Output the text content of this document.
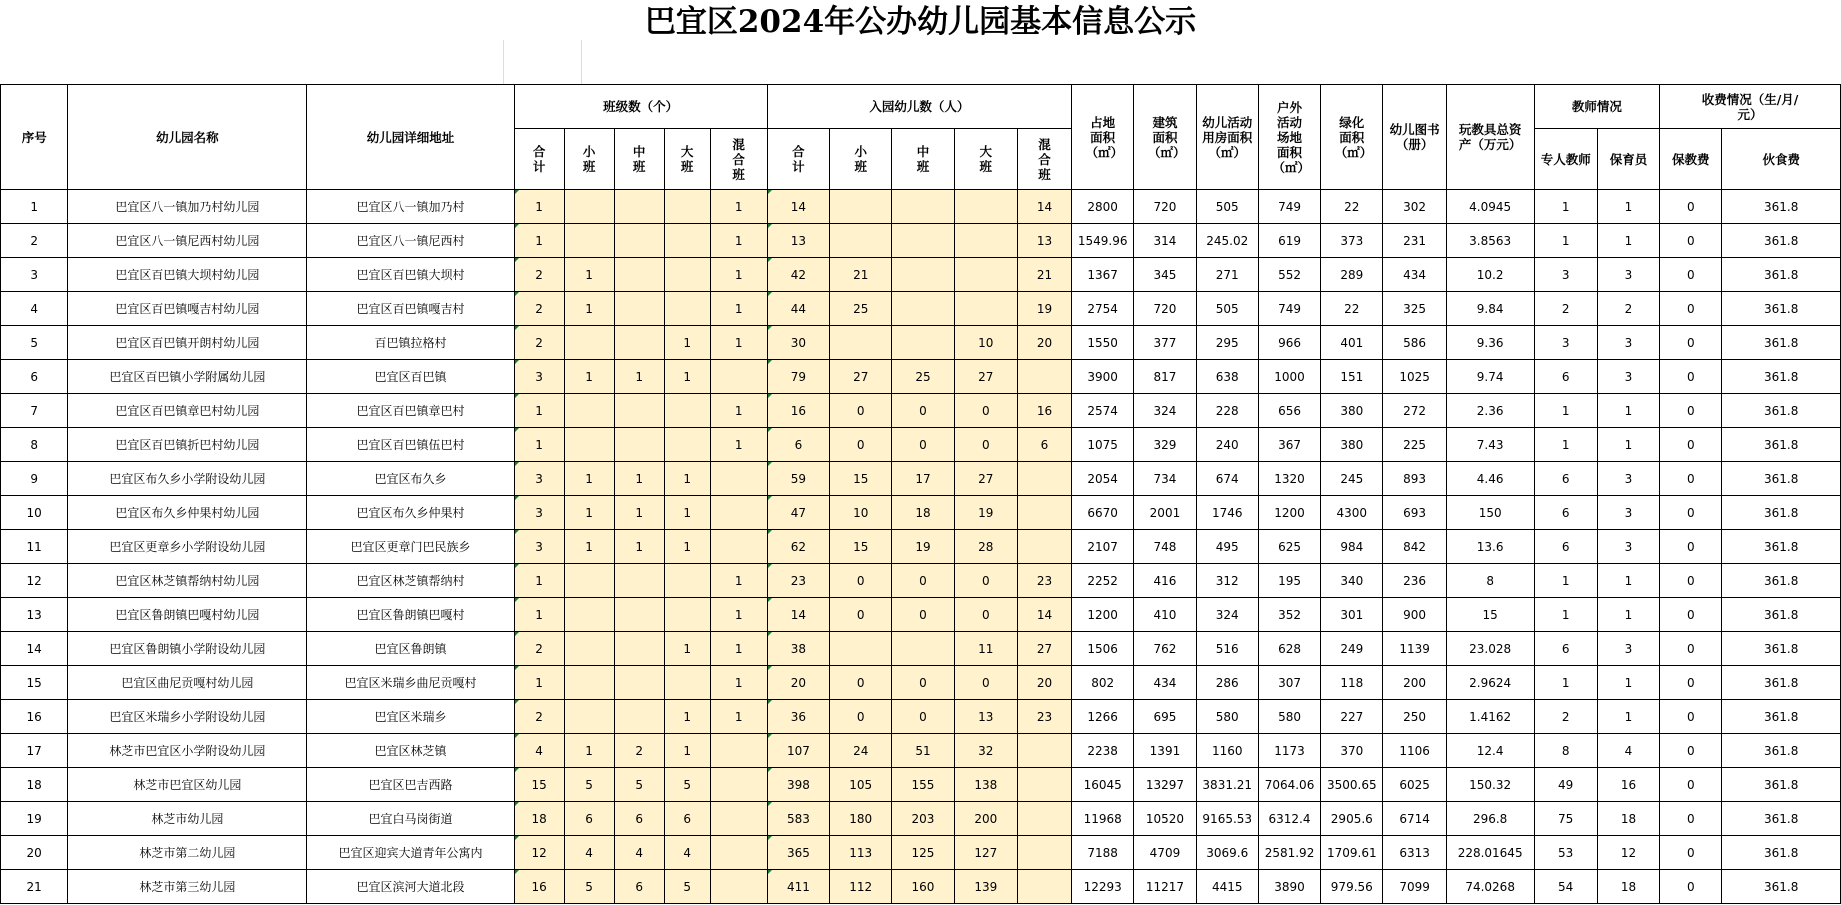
巴宜区2024年公办幼儿园基本信息公示
序号	幼儿园名称	幼儿园详细地址	班级数（个）					入园幼儿数（人）					占地面积（㎡）	建筑面积（㎡）	幼儿活动用房面积（㎡）	户外活动场地面积（㎡）	绿化面积（㎡）	幼儿图书（册）	玩教具总资产（万元）	教师情况		收费情况（生/月/元）	
			合计	小班	中班	大班	混合班	合计	小班	中班	大班	混合班								专人教师	保育员	保教费	伙食费
1	巴宜区八一镇加乃村幼儿园	巴宜区八一镇加乃村	1				1	14				14	2800	720	505	749	22	302	4.0945	1	1	0	361.8
2	巴宜区八一镇尼西村幼儿园	巴宜区八一镇尼西村	1				1	13				13	1549.96	314	245.02	619	373	231	3.8563	1	1	0	361.8
3	巴宜区百巴镇大坝村幼儿园	巴宜区百巴镇大坝村	2	1			1	42	21			21	1367	345	271	552	289	434	10.2	3	3	0	361.8
4	巴宜区百巴镇嘎吉村幼儿园	巴宜区百巴镇嘎吉村	2	1			1	44	25			19	2754	720	505	749	22	325	9.84	2	2	0	361.8
5	巴宜区百巴镇开朗村幼儿园	百巴镇拉格村	2			1	1	30			10	20	1550	377	295	966	401	586	9.36	3	3	0	361.8
6	巴宜区百巴镇小学附属幼儿园	巴宜区百巴镇	3	1	1	1		79	27	25	27		3900	817	638	1000	151	1025	9.74	6	3	0	361.8
7	巴宜区百巴镇章巴村幼儿园	巴宜区百巴镇章巴村	1				1	16	0	0	0	16	2574	324	228	656	380	272	2.36	1	1	0	361.8
8	巴宜区百巴镇折巴村幼儿园	巴宜区百巴镇伍巴村	1				1	6	0	0	0	6	1075	329	240	367	380	225	7.43	1	1	0	361.8
9	巴宜区布久乡小学附设幼儿园	巴宜区布久乡	3	1	1	1		59	15	17	27		2054	734	674	1320	245	893	4.46	6	3	0	361.8
10	巴宜区布久乡仲果村幼儿园	巴宜区布久乡仲果村	3	1	1	1		47	10	18	19		6670	2001	1746	1200	4300	693	150	6	3	0	361.8
11	巴宜区更章乡小学附设幼儿园	巴宜区更章门巴民族乡	3	1	1	1		62	15	19	28		2107	748	495	625	984	842	13.6	6	3	0	361.8
12	巴宜区林芝镇帮纳村幼儿园	巴宜区林芝镇帮纳村	1				1	23	0	0	0	23	2252	416	312	195	340	236	8	1	1	0	361.8
13	巴宜区鲁朗镇巴嘎村幼儿园	巴宜区鲁朗镇巴嘎村	1				1	14	0	0	0	14	1200	410	324	352	301	900	15	1	1	0	361.8
14	巴宜区鲁朗镇小学附设幼儿园	巴宜区鲁朗镇	2			1	1	38			11	27	1506	762	516	628	249	1139	23.028	6	3	0	361.8
15	巴宜区曲尼贡嘎村幼儿园	巴宜区米瑞乡曲尼贡嘎村	1				1	20	0	0	0	20	802	434	286	307	118	200	2.9624	1	1	0	361.8
16	巴宜区米瑞乡小学附设幼儿园	巴宜区米瑞乡	2			1	1	36	0	0	13	23	1266	695	580	580	227	250	1.4162	2	1	0	361.8
17	林芝市巴宜区小学附设幼儿园	巴宜区林芝镇	4	1	2	1		107	24	51	32		2238	1391	1160	1173	370	1106	12.4	8	4	0	361.8
18	林芝市巴宜区幼儿园	巴宜区巴吉西路	15	5	5	5		398	105	155	138		16045	13297	3831.21	7064.06	3500.65	6025	150.32	49	16	0	361.8
19	林芝市幼儿园	巴宜白马岗街道	18	6	6	6		583	180	203	200		11968	10520	9165.53	6312.4	2905.6	6714	296.8	75	18	0	361.8
20	林芝市第二幼儿园	巴宜区迎宾大道青年公寓内	12	4	4	4		365	113	125	127		7188	4709	3069.6	2581.92	1709.61	6313	228.01645	53	12	0	361.8
21	林芝市第三幼儿园	巴宜区滨河大道北段	16	5	6	5		411	112	160	139		12293	11217	4415	3890	979.56	7099	74.0268	54	18	0	361.8
